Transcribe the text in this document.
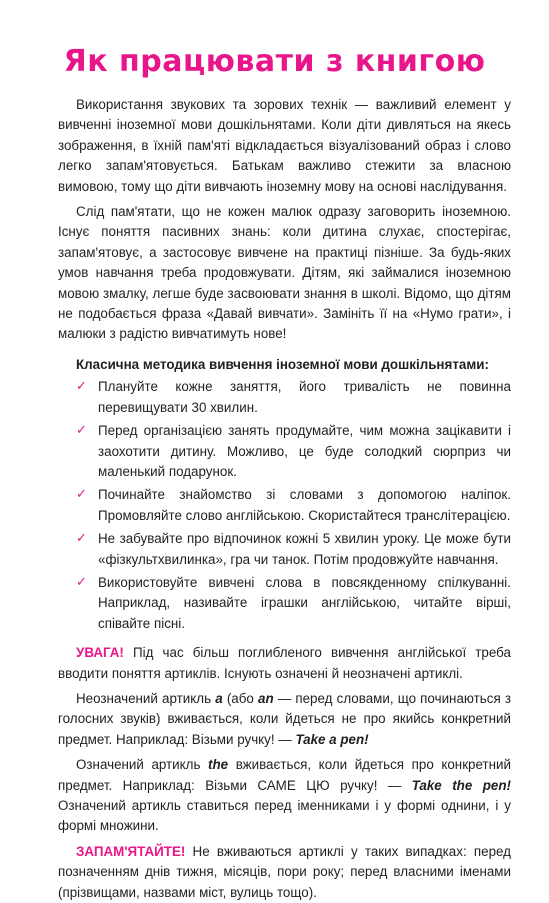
Як працювати з книгою

Використання звукових та зорових технік — важливий елемент у вивченні іноземної мови дошкільнятами. Коли діти дивляться на якесь зображення, в їхній пам'яті відкладається візуалізований образ і слово легко запам'ятовується. Батькам важливо стежити за власною вимовою, тому що діти вивчають іноземну мову на основі наслідування.

Слід пам'ятати, що не кожен малюк одразу заговорить іноземною. Існує поняття пасивних знань: коли дитина слухає, спостерігає, запам'ятовує, а застосовує вивчене на практиці пізніше. За будь-яких умов навчання треба продовжувати. Дітям, які займалися іноземною мовою змалку, легше буде засвоювати знання в школі. Відомо, що дітям не подобається фраза «Давай вивчати». Замініть її на «Нумо грати», і малюки з радістю вивчатимуть нове!

Класична методика вивчення іноземної мови дошкільнятами:
✓ Плануйте кожне заняття, його тривалість не повинна перевищувати 30 хвилин.
✓ Перед організацією занять продумайте, чим можна зацікавити і заохотити дитину. Можливо, це буде солодкий сюрприз чи маленький подарунок.
✓ Починайте знайомство зі словами з допомогою наліпок. Промовляйте слово англійською. Скористайтеся транслітерацією.
✓ Не забувайте про відпочинок кожні 5 хвилин уроку. Це може бути «фізкультхвилинка», гра чи танок. Потім продовжуйте навчання.
✓ Використовуйте вивчені слова в повсякденному спілкуванні. Наприклад, називайте іграшки англійською, читайте вірші, співайте пісні.

УВАГА! Під час більш поглибленого вивчення англійської треба вводити поняття артиклів. Існують означені й неозначені артиклі.

Неозначений артикль a (або an — перед словами, що починаються з голосних звуків) вживається, коли йдеться не про якийсь конкретний предмет. Наприклад: Візьми ручку! — Take a pen!

Означений артикль the вживається, коли йдеться про конкретний предмет. Наприклад: Візьми САМЕ ЦЮ ручку! — Take the pen! Означений артикль ставиться перед іменниками і у формі однини, і у формі множини.

ЗАПАМ'ЯТАЙТЕ! Не вживаються артиклі у таких випадках: перед позначенням днів тижня, місяців, пори року; перед власними іменами (прізвищами, назвами міст, вулиць тощо).
